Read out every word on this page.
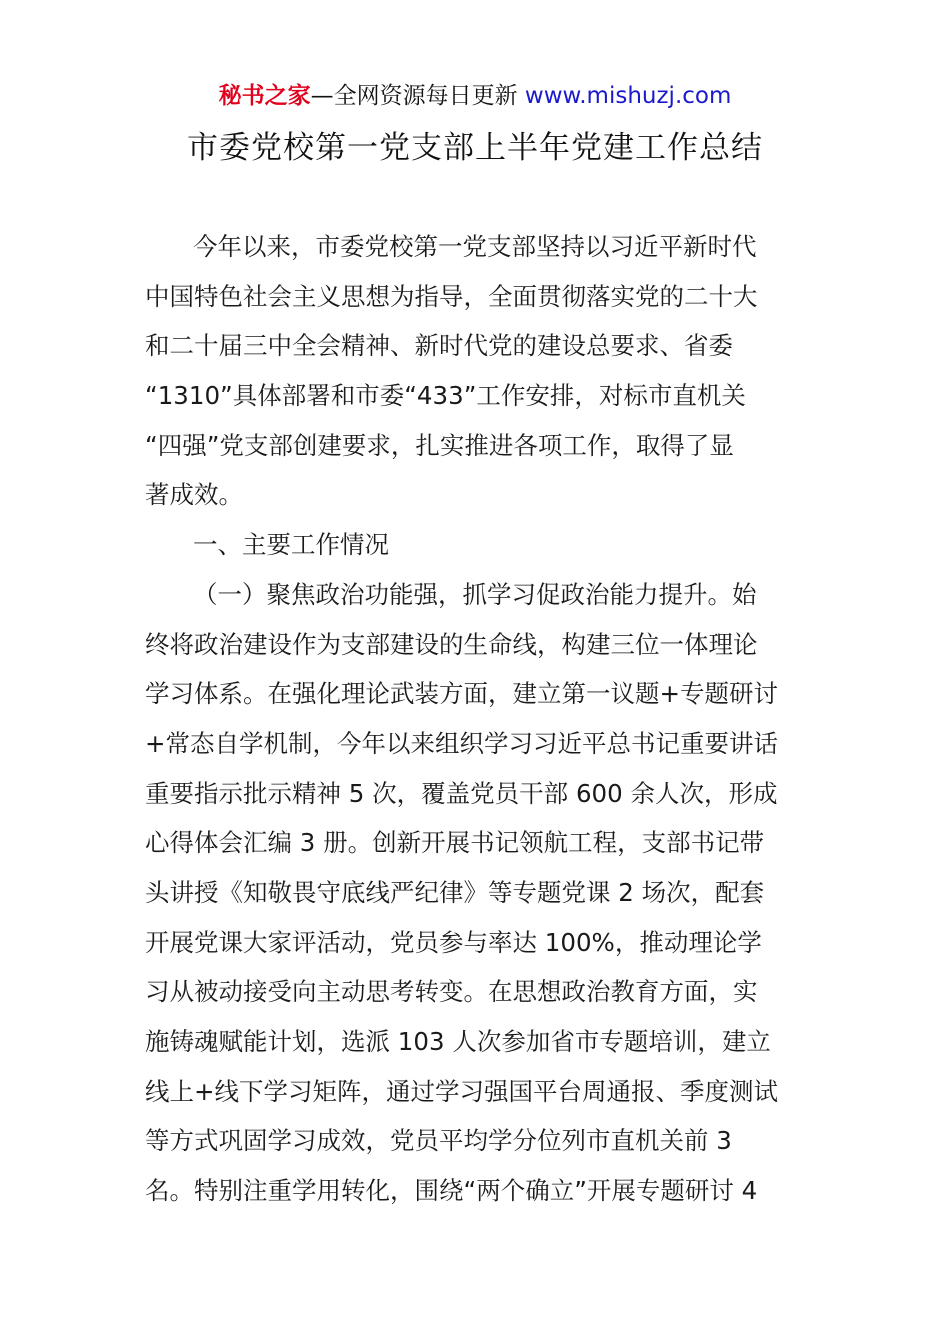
秘书之家—全网资源每日更新 www.mishuzj.com
市委党校第一党支部上半年党建工作总结
今年以来，市委党校第一党支部坚持以习近平新时代
中国特色社会主义思想为指导，全面贯彻落实党的二十大
和二十届三中全会精神、新时代党的建设总要求、省委
“1310”具体部署和市委“433”工作安排，对标市直机关
“四强”党支部创建要求，扎实推进各项工作，取得了显
著成效。
一、主要工作情况
（一）聚焦政治功能强，抓学习促政治能力提升。始
终将政治建设作为支部建设的生命线，构建三位一体理论
学习体系。在强化理论武装方面，建立第一议题+专题研讨
+常态自学机制，今年以来组织学习习近平总书记重要讲话
重要指示批示精神 5 次，覆盖党员干部 600 余人次，形成
心得体会汇编 3 册。创新开展书记领航工程，支部书记带
头讲授《知敬畏守底线严纪律》等专题党课 2 场次，配套
开展党课大家评活动，党员参与率达 100%，推动理论学
习从被动接受向主动思考转变。在思想政治教育方面，实
施铸魂赋能计划，选派 103 人次参加省市专题培训，建立
线上+线下学习矩阵，通过学习强国平台周通报、季度测试
等方式巩固学习成效，党员平均学分位列市直机关前 3
名。特别注重学用转化，围绕“两个确立”开展专题研讨 4
